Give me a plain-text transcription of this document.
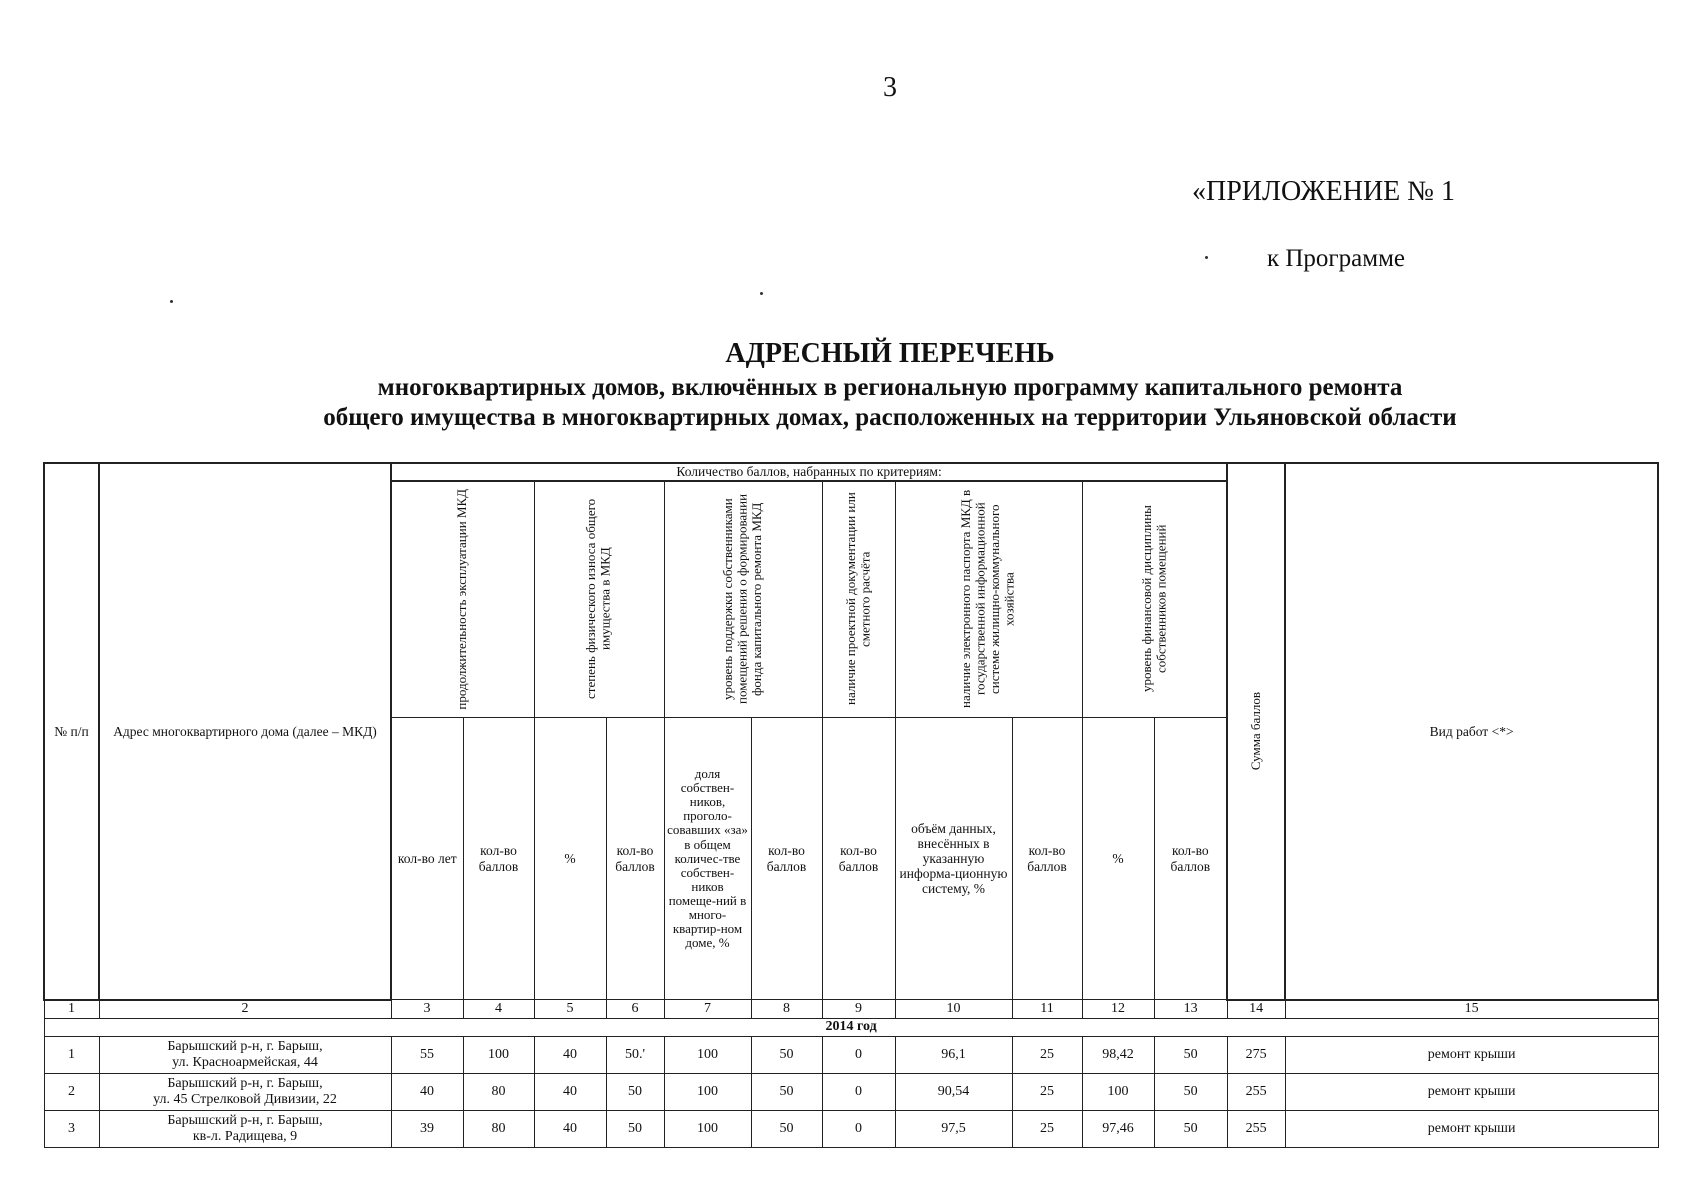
3
«ПРИЛОЖЕНИЕ № 1
к Программе
АДРЕСНЫЙ ПЕРЕЧЕНЬ
многоквартирных домов, включённых в региональную программу капитального ремонта
общего имущества в многоквартирных домах, расположенных на территории Ульяновской области
№ п/п	Адрес многоквартирного дома (далее – МКД)	Количество баллов, набранных по критериям:											Сумма баллов	Вид работ <*>

		продолжительность эксплуатации МКД		степень физического износа общего имущества в МКД		уровень поддержки собственниками помещений решения о формировании фонда капитального ремонта МКД		наличие проектной документации или сметного расчёта	наличие электронного паспорта МКД в государственной информационной системе жилищно-коммунального хозяйства		уровень финансовой дисциплины собственников помещений			

		кол-во лет	кол-во баллов	%	кол-во баллов	доля собствен-ников, проголо-совавших «за» в общем количес-тве собствен-ников помеще-ний в много-квартир-ном доме, %	кол-во баллов	кол-во баллов	объём данных, внесённых в указанную информа-ционную систему, %	кол-во баллов	%	кол-во баллов		
1	2	3	4	5	6	7	8	9	10	11	12	13	14	15
2014 год														
1	Барышский р-н, г. Барыш,
ул. Красноармейская, 44	55	100	40	50.'	100	50	0	96,1	25	98,42	50	275	ремонт крыши
2	Барышский р-н, г. Барыш,
ул. 45 Стрелковой Дивизии, 22	40	80	40	50	100	50	0	90,54	25	100	50	255	ремонт крыши
3	Барышский р-н, г. Барыш,
кв-л. Радищева, 9	39	80	40	50	100	50	0	97,5	25	97,46	50	255	ремонт крыши
